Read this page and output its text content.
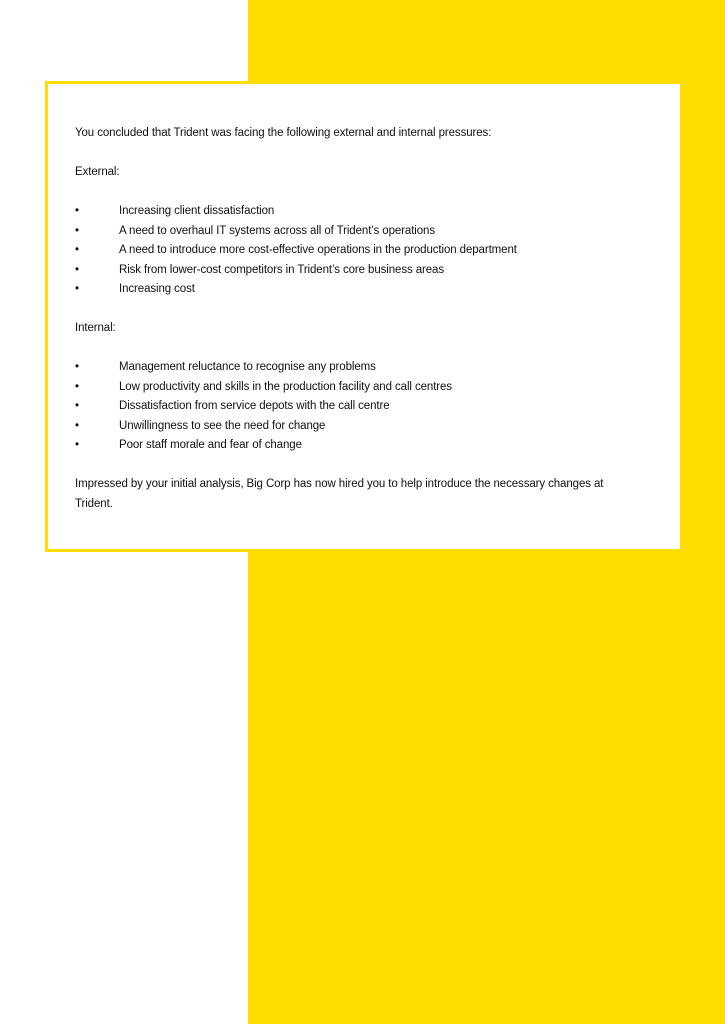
You concluded that Trident was facing the following external and internal pressures:

External:

•	Increasing client dissatisfaction
•	A need to overhaul IT systems across all of Trident’s operations
•	A need to introduce more cost-effective operations in the production department
•	Risk from lower-cost competitors in Trident’s core business areas
•	Increasing cost

Internal:

•	Management reluctance to recognise any problems
•	Low productivity and skills in the production facility and call centres
•	Dissatisfaction from service depots with the call centre
•	Unwillingness to see the need for change
•	Poor staff morale and fear of change

Impressed by your initial analysis, Big Corp has now hired you to help introduce the necessary changes at Trident.
